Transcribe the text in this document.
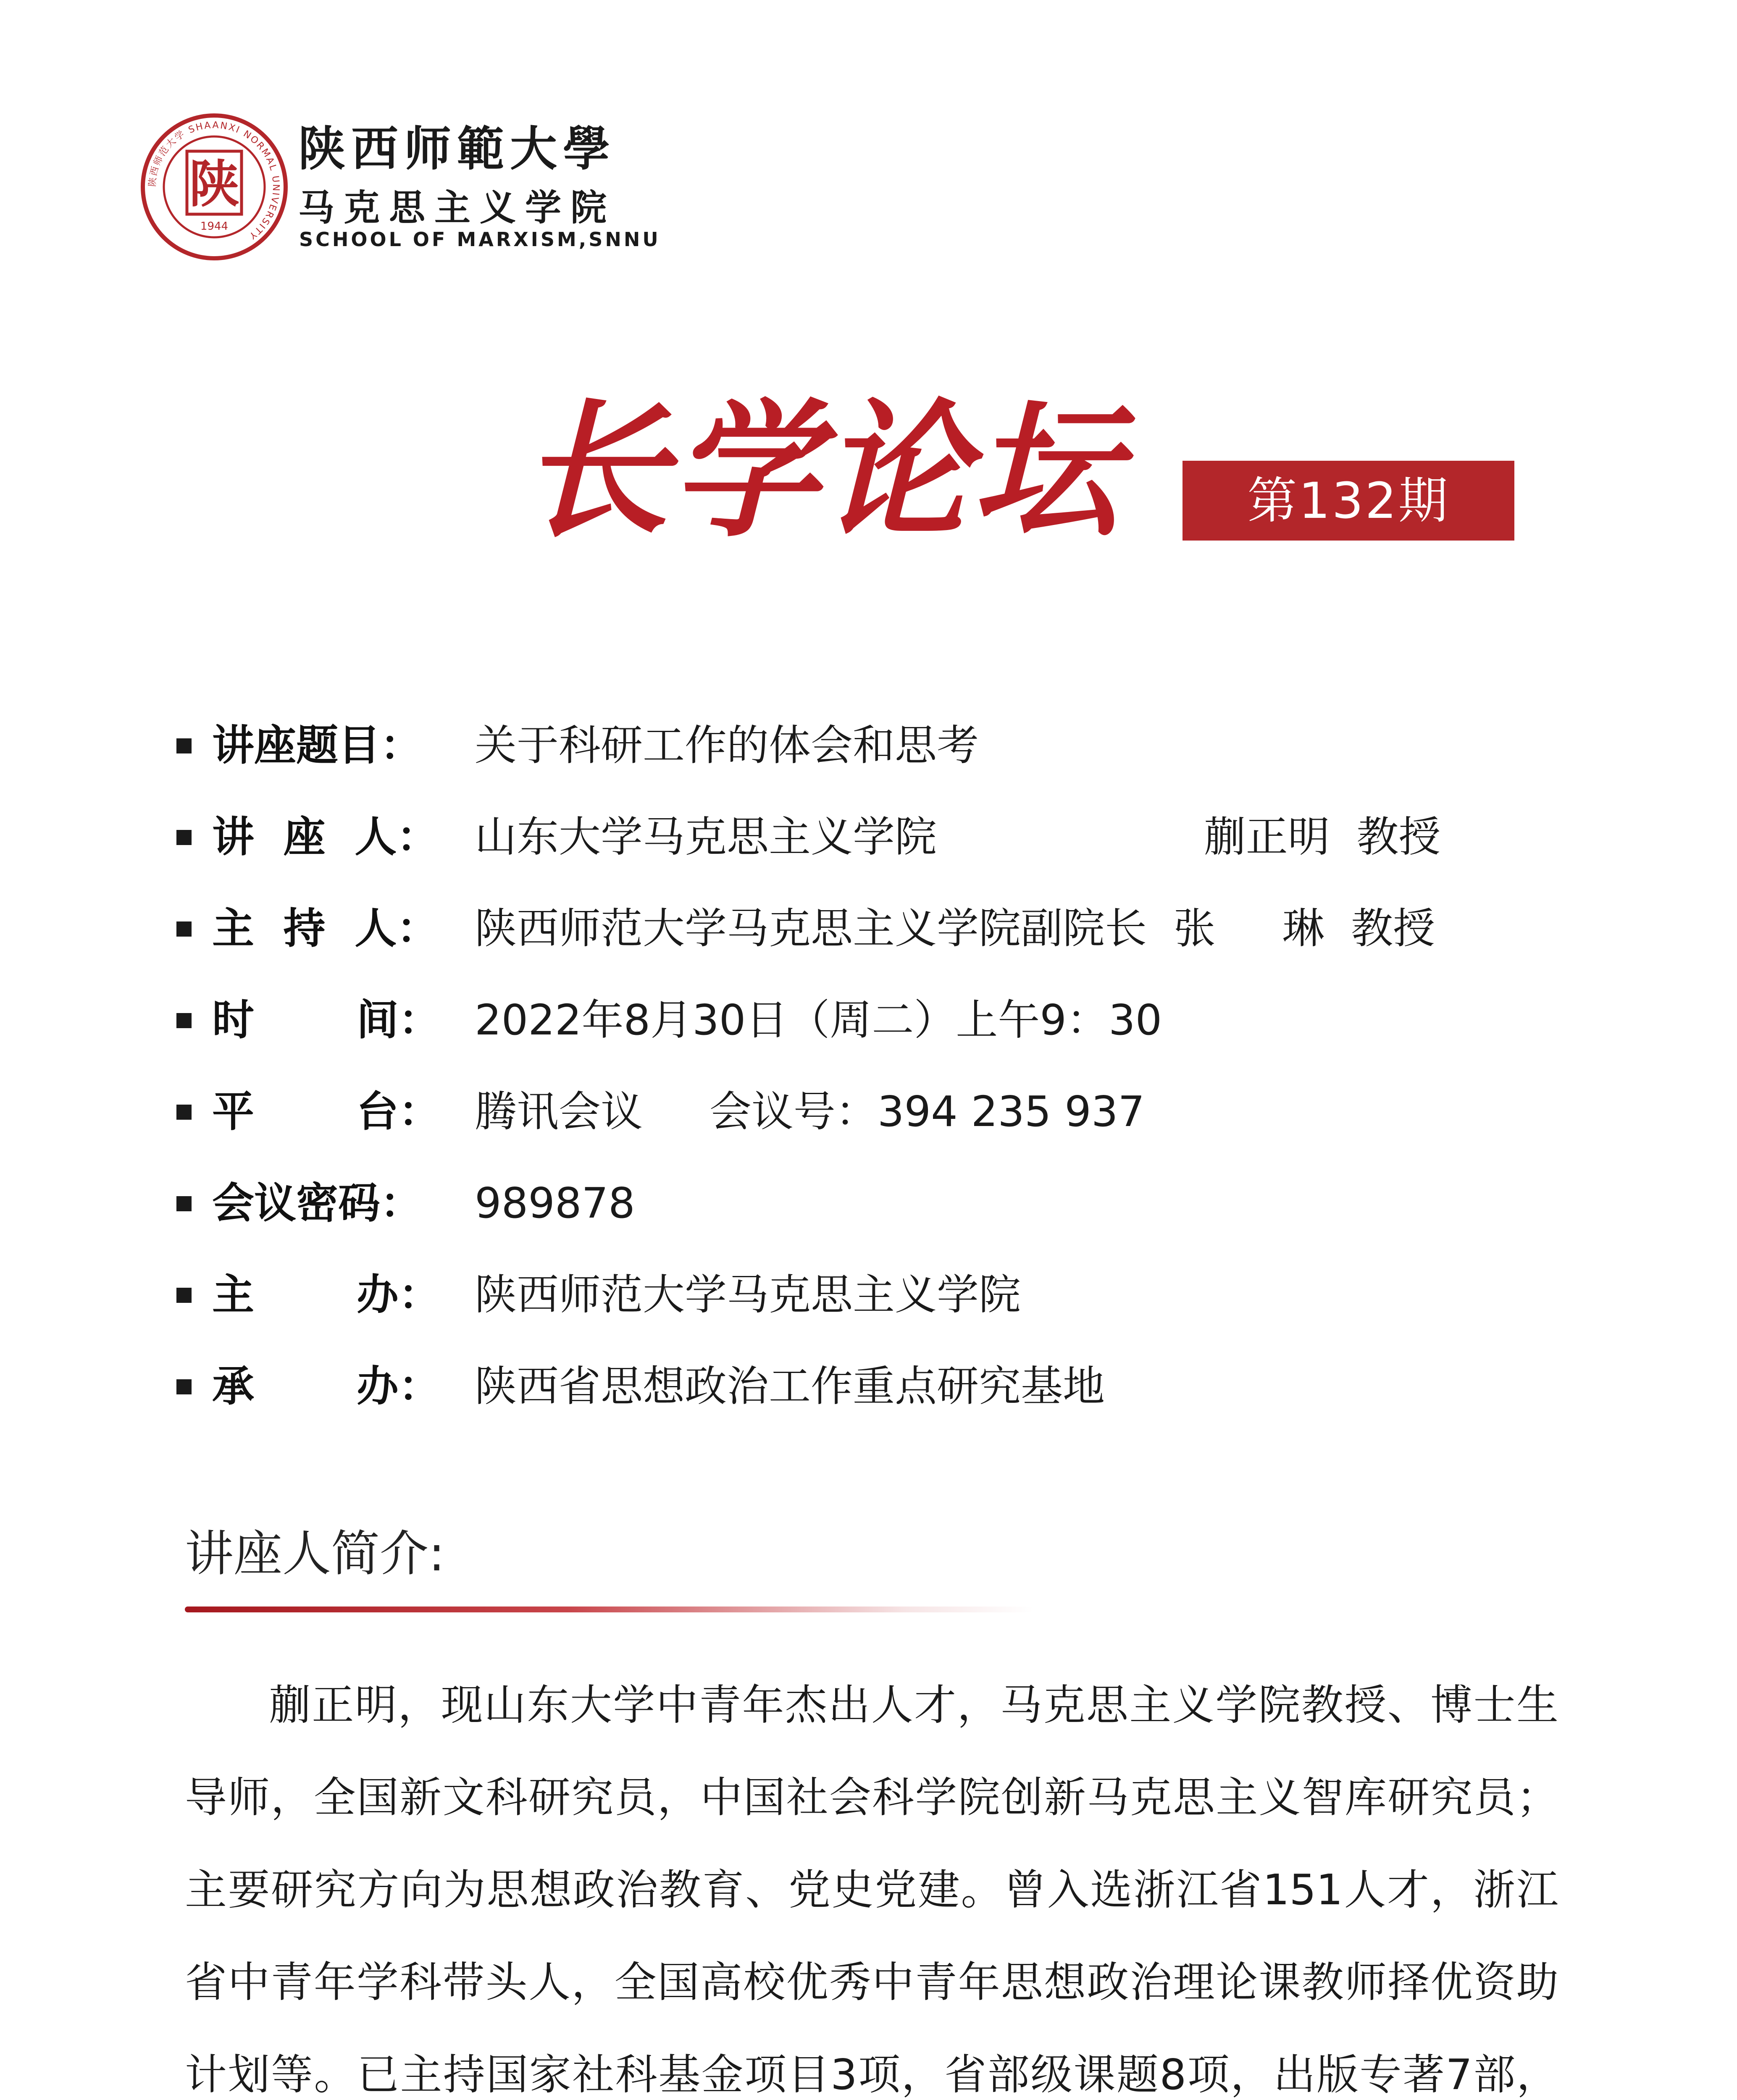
陕西师范大学 SHAANXI NORMAL UNIVERSITY
陕
1944
陕西师範大學
马克思主义学院
SCHOOL OF MARXISM,SNNU
长学论坛	第132期
讲座题目：	关于科研工作的体会和思考
讲  座  人： 山东大学马克思主义学院                    蒯正明  教授
主  持  人： 陕西师范大学马克思主义学院副院长  张     琳  教授
时       间： 2022年8月30日（周二）上午9：30
平       台： 腾讯会议     会议号：394 235 937
会议密码：	989878
主       办： 陕西师范大学马克思主义学院
承       办： 陕西省思想政治工作重点研究基地
讲座人简介:
蒯正明，现山东大学中青年杰出人才，马克思主义学院教授、博士生导师，全国新文科研究员，中国社会科学院创新马克思主义智库研究员；主要研究方向为思想政治教育、党史党建。曾入选浙江省151人才，浙江省中青年学科带头人，全国高校优秀中青年思想政治理论课教师择优资助计划等。已主持国家社科基金项目3项，省部级课题8项，出版专著7部，
